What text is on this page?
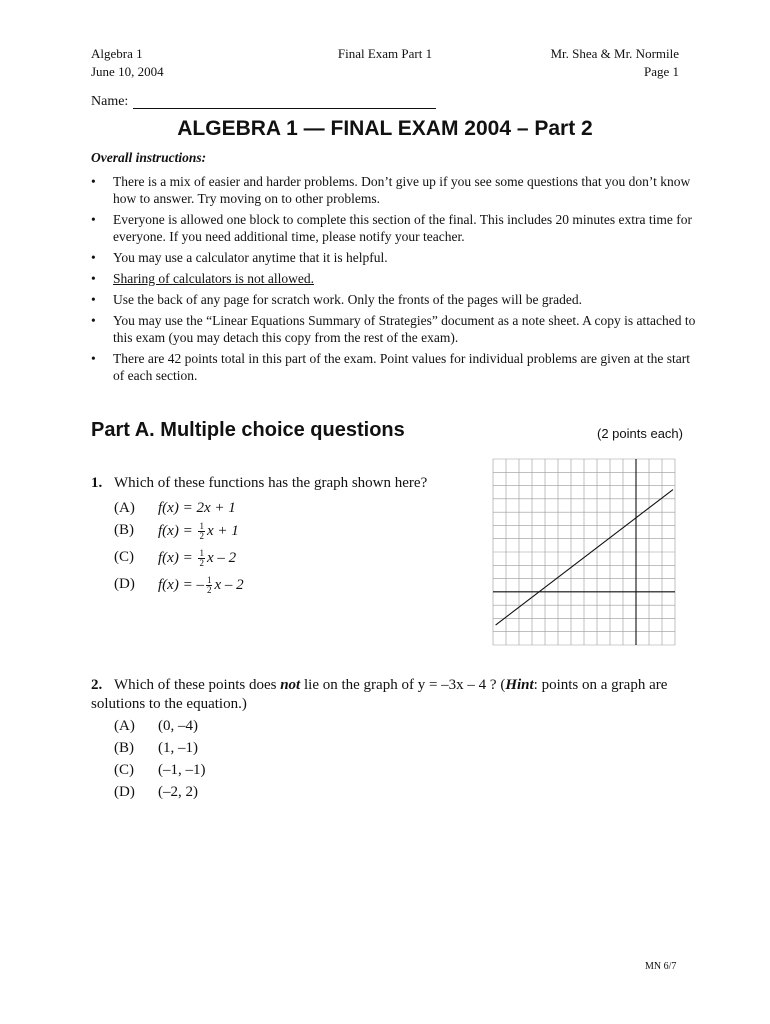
Algebra 1
June 10, 2004
Final Exam Part 1	Mr. Shea & Mr. Normile
Page 1
Name:
ALGEBRA 1 — FINAL EXAM 2004 – Part 2
Overall instructions:
• There is a mix of easier and harder problems. Don’t give up if you see some questions that you don’t know how to answer. Try moving on to other problems.
• Everyone is allowed one block to complete this section of the final. This includes 20 minutes extra time for everyone. If you need additional time, please notify your teacher.
• You may use a calculator anytime that it is helpful.
• Sharing of calculators is not allowed.
• Use the back of any page for scratch work. Only the fronts of the pages will be graded.
• You may use the “Linear Equations Summary of Strategies” document as a note sheet. A copy is attached to this exam (you may detach this copy from the rest of the exam).
• There are 42 points total in this part of the exam. Point values for individual problems are given at the start of each section.
Part A. Multiple choice questions	(2 points each)
1. Which of these functions has the graph shown here?
(A) f(x) = 2x + 1
(B) $f(x) = \frac{1}{2}$ x + 1
(C) $f(x) = \frac{1}{2}$ x – 2
(D) f(x) = – $\frac{1}{2}$ x – 2
2. Which of these points does not lie on the graph of y = –3x – 4 ? (Hint: points on a graph are solutions to the equation.)
(A) (0, –4)
(B) (1, –1)
(C) (–1, –1)
(D) (–2, 2)
MN 6/7
